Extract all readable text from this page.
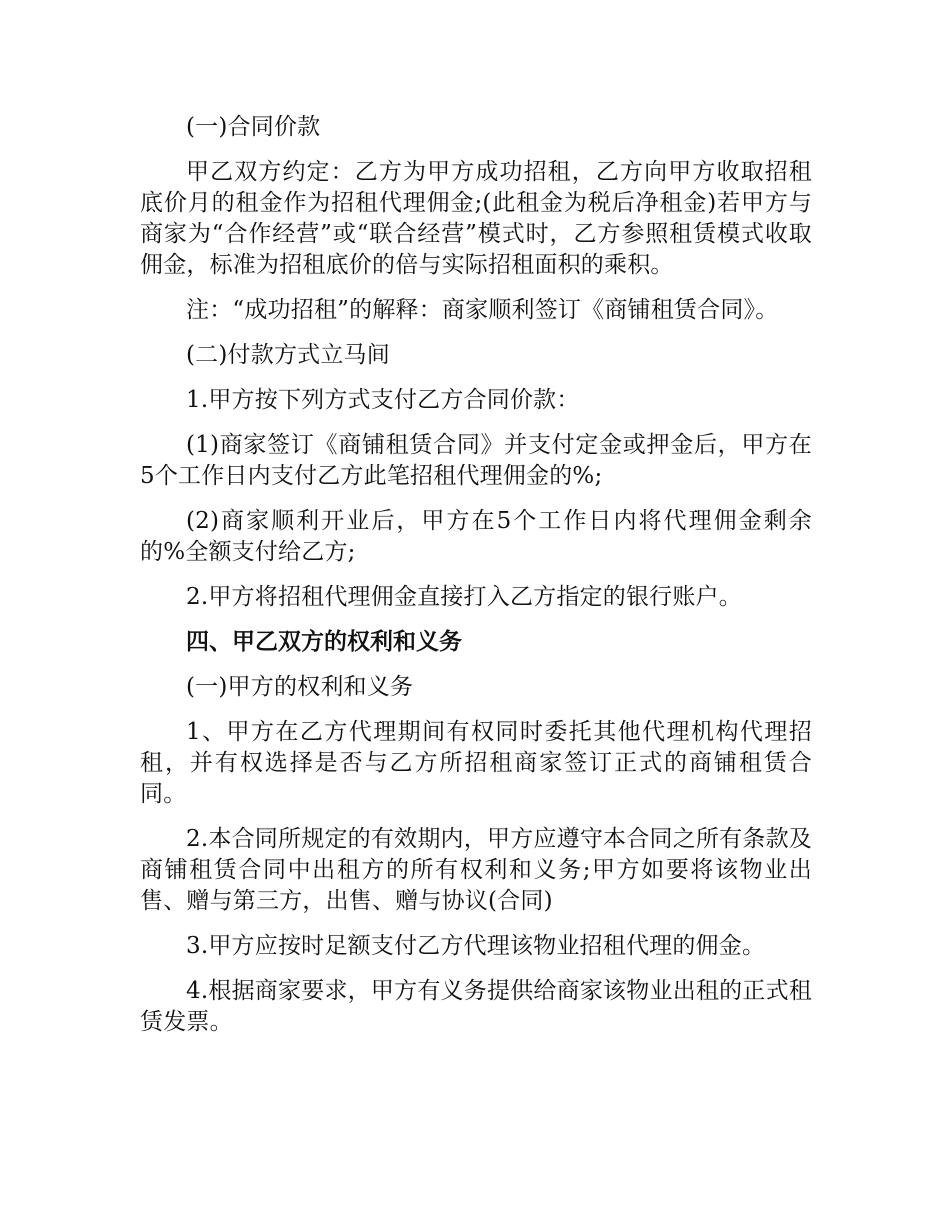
(一)合同价款

甲乙双方约定：乙方为甲方成功招租，乙方向甲方收取招租底价月的租金作为招租代理佣金;(此租金为税后净租金)若甲方与商家为“合作经营”或“联合经营”模式时，乙方参照租赁模式收取佣金，标准为招租底价的倍与实际招租面积的乘积。

注：“成功招租”的解释：商家顺利签订《商铺租赁合同》。

(二)付款方式立马间

1.甲方按下列方式支付乙方合同价款：

(1)商家签订《商铺租赁合同》并支付定金或押金后，甲方在5个工作日内支付乙方此笔招租代理佣金的%;

(2)商家顺利开业后，甲方在5个工作日内将代理佣金剩余的%全额支付给乙方;

2.甲方将招租代理佣金直接打入乙方指定的银行账户。

四、甲乙双方的权利和义务

(一)甲方的权利和义务

1、甲方在乙方代理期间有权同时委托其他代理机构代理招租，并有权选择是否与乙方所招租商家签订正式的商铺租赁合同。

2.本合同所规定的有效期内，甲方应遵守本合同之所有条款及商铺租赁合同中出租方的所有权利和义务;甲方如要将该物业出售、赠与第三方，出售、赠与协议(合同)

3.甲方应按时足额支付乙方代理该物业招租代理的佣金。

4.根据商家要求，甲方有义务提供给商家该物业出租的正式租赁发票。
